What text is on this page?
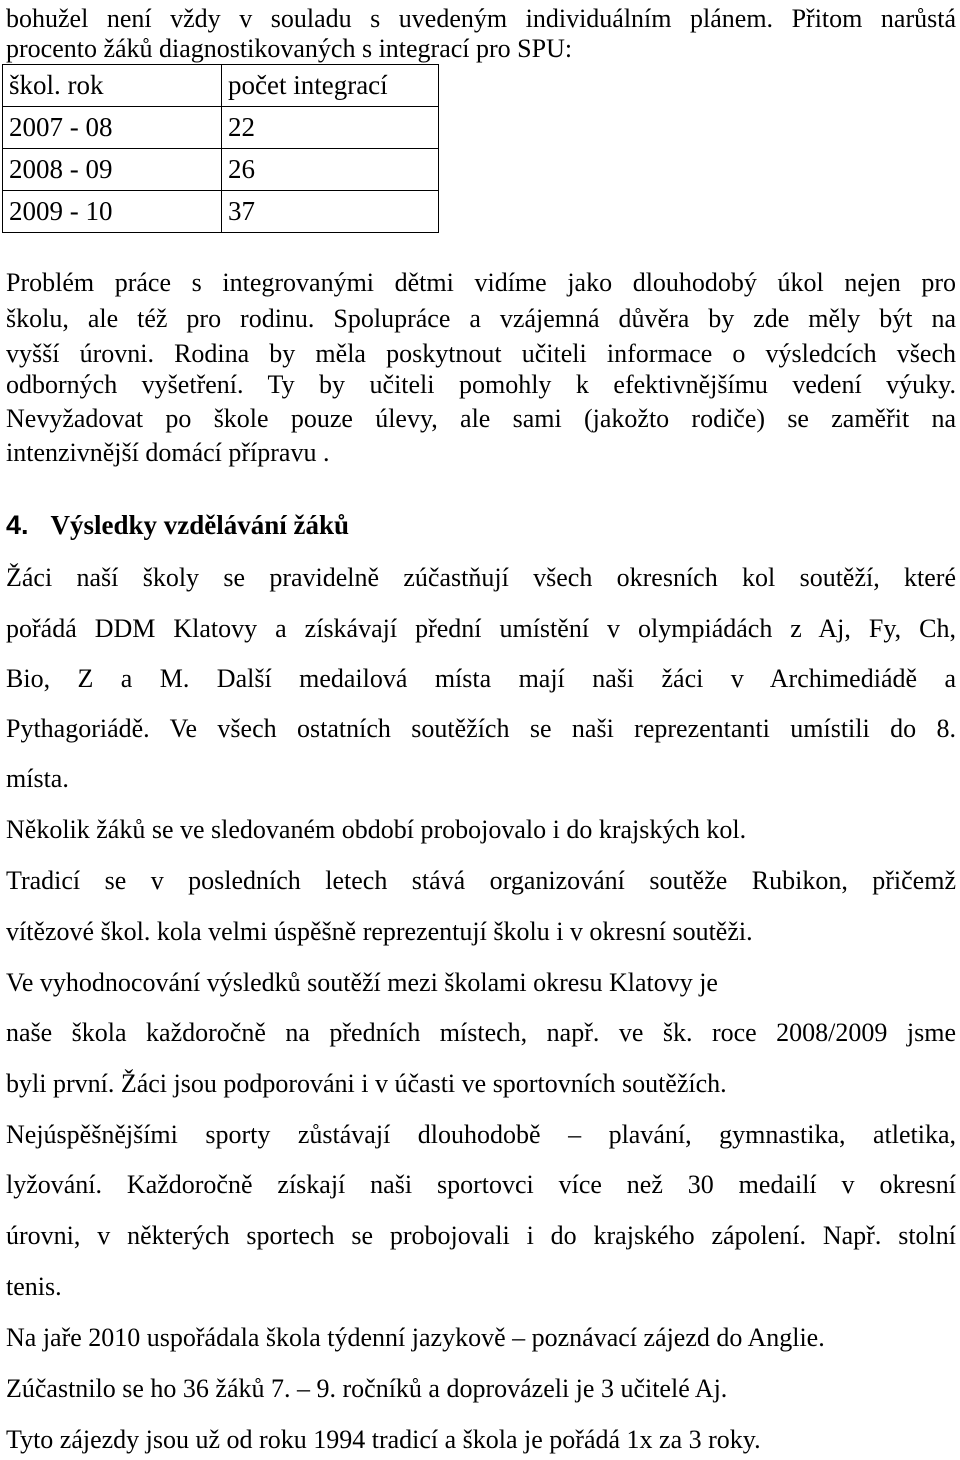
bohužel není vždy v souladu s uvedeným individuálním plánem. Přitom narůstá
procento žáků diagnostikovaných s integrací pro SPU:
škol. rok	počet integrací
2007 - 08	22
2008 - 09	26
2009 - 10	37
Problém práce s integrovanými dětmi vidíme jako dlouhodobý úkol nejen pro
školu, ale též pro rodinu. Spolupráce a vzájemná důvěra by zde měly být na
vyšší úrovni. Rodina by měla poskytnout učiteli informace o výsledcích všech
odborných vyšetření. Ty by učiteli pomohly k efektivnějšímu vedení výuky.
Nevyžadovat po škole pouze úlevy, ale sami (jakožto rodiče) se zaměřit na
intenzivnější domácí přípravu .
4. Výsledky vzdělávání žáků
Žáci naší školy se pravidelně zúčastňují všech okresních kol soutěží, které
pořádá DDM Klatovy a získávají přední umístění v olympiádách z Aj, Fy, Ch,
Bio, Z a M. Další medailová místa mají naši žáci v Archimediádě a
Pythagoriádě. Ve všech ostatních soutěžích se naši reprezentanti umístili do 8.
místa.
Několik žáků se ve sledovaném období probojovalo i do krajských kol.
Tradicí se v posledních letech stává organizování soutěže Rubikon, přičemž
vítězové škol. kola velmi úspěšně reprezentují školu i v okresní soutěži.
Ve vyhodnocování výsledků soutěží mezi školami okresu Klatovy je
naše škola každoročně na předních místech, např. ve šk. roce 2008/2009 jsme
byli první. Žáci jsou podporováni i v účasti ve sportovních soutěžích.
Nejúspěšnějšími sporty zůstávají dlouhodobě – plavání, gymnastika, atletika,
lyžování. Každoročně získají naši sportovci více než 30 medailí v okresní
úrovni, v některých sportech se probojovali i do krajského zápolení. Např. stolní
tenis.
Na jaře 2010 uspořádala škola týdenní jazykově – poznávací zájezd do Anglie.
Zúčastnilo se ho 36 žáků 7. – 9. ročníků a doprovázeli je 3 učitelé Aj.
Tyto zájezdy jsou už od roku 1994 tradicí a škola je pořádá 1x za 3 roky.
